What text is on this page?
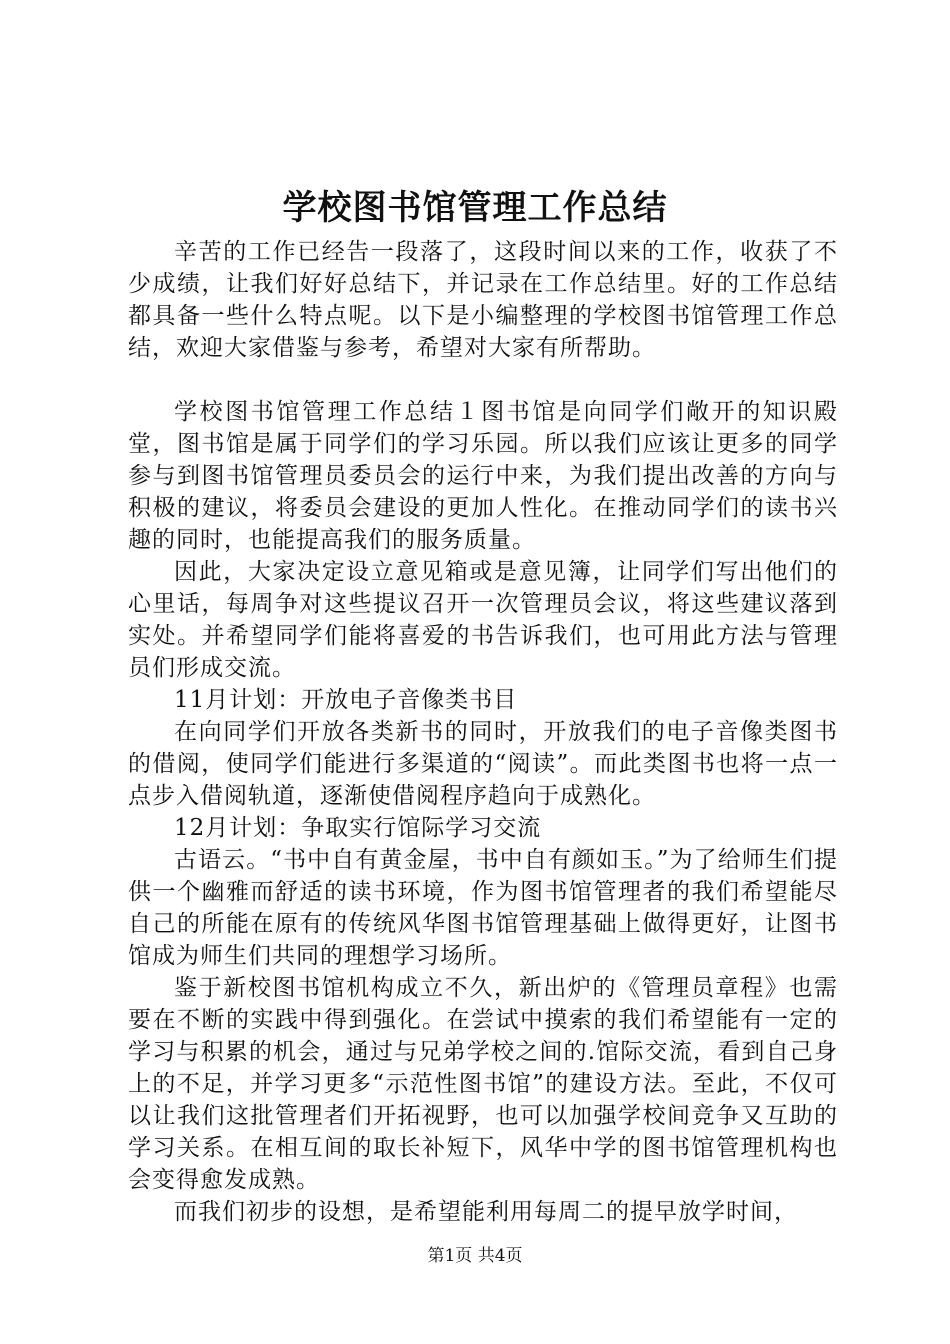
学校图书馆管理工作总结

辛苦的工作已经告一段落了，这段时间以来的工作，收获了不少成绩，让我们好好总结下，并记录在工作总结里。好的工作总结都具备一些什么特点呢。以下是小编整理的学校图书馆管理工作总结，欢迎大家借鉴与参考，希望对大家有所帮助。

学校图书馆管理工作总结１图书馆是向同学们敞开的知识殿堂，图书馆是属于同学们的学习乐园。所以我们应该让更多的同学参与到图书馆管理员委员会的运行中来，为我们提出改善的方向与积极的建议，将委员会建设的更加人性化。在推动同学们的读书兴趣的同时，也能提高我们的服务质量。

因此，大家决定设立意见箱或是意见簿，让同学们写出他们的心里话，每周争对这些提议召开一次管理员会议，将这些建议落到实处。并希望同学们能将喜爱的书告诉我们，也可用此方法与管理员们形成交流。

11月计划：开放电子音像类书目

在向同学们开放各类新书的同时，开放我们的电子音像类图书的借阅，使同学们能进行多渠道的“阅读”。而此类图书也将一点一点步入借阅轨道，逐渐使借阅程序趋向于成熟化。

12月计划：争取实行馆际学习交流

古语云。“书中自有黄金屋，书中自有颜如玉。”为了给师生们提供一个幽雅而舒适的读书环境，作为图书馆管理者的我们希望能尽自己的所能在原有的传统风华图书馆管理基础上做得更好，让图书馆成为师生们共同的理想学习场所。

鉴于新校图书馆机构成立不久，新出炉的《管理员章程》也需要在不断的实践中得到强化。在尝试中摸索的我们希望能有一定的学习与积累的机会，通过与兄弟学校之间的.馆际交流，看到自己身上的不足，并学习更多“示范性图书馆”的建设方法。至此，不仅可以让我们这批管理者们开拓视野，也可以加强学校间竞争又互助的学习关系。在相互间的取长补短下，风华中学的图书馆管理机构也会变得愈发成熟。

而我们初步的设想，是希望能利用每周二的提早放学时间，

第1页 共4页
